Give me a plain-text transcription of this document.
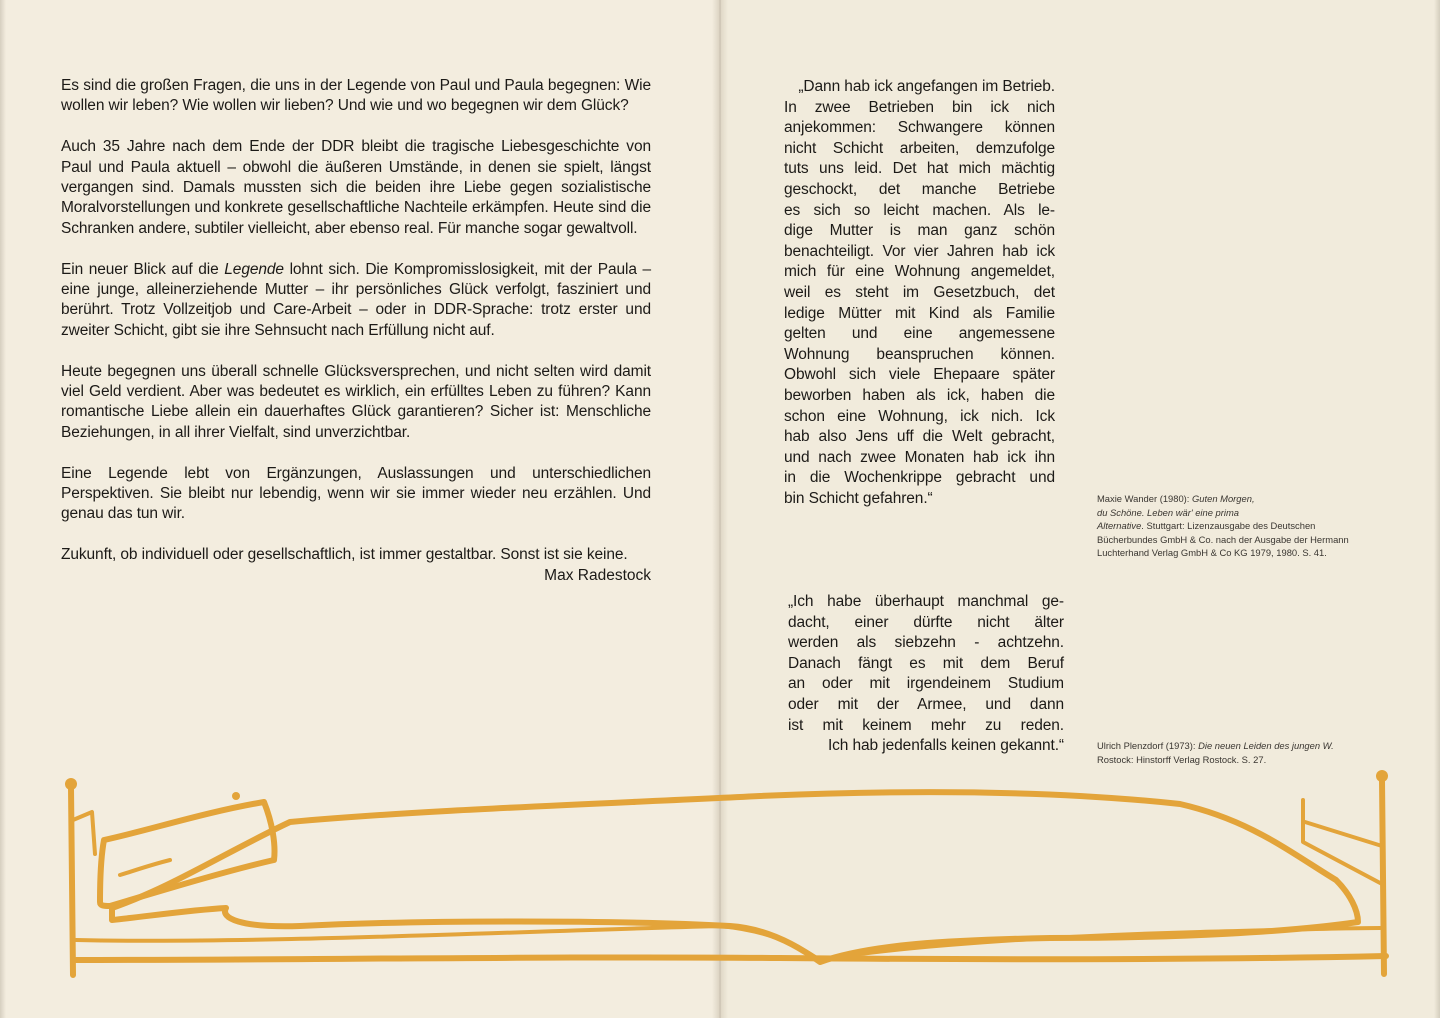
Es sind die großen Fragen, die uns in der Legende von Paul und Paula begegnen: Wie wollen wir leben? Wie wollen wir lieben? Und wie und wo begegnen wir dem Glück?

Auch 35 Jahre nach dem Ende der DDR bleibt die tragische Liebesgeschichte von Paul und Paula aktuell – obwohl die äußeren Umstände, in denen sie spielt, längst vergangen sind. Damals mussten sich die beiden ihre Liebe gegen sozialistische Moralvorstellungen und konkrete gesellschaftliche Nachteile erkämpfen. Heute sind die Schranken andere, subtiler vielleicht, aber ebenso real. Für manche sogar gewaltvoll.

Ein neuer Blick auf die Legende lohnt sich. Die Kompromisslosigkeit, mit der Paula – eine junge, alleinerziehende Mutter – ihr persönliches Glück verfolgt, fasziniert und berührt. Trotz Vollzeitjob und Care-Arbeit – oder in DDR-Sprache: trotz erster und zweiter Schicht, gibt sie ihre Sehnsucht nach Erfüllung nicht auf.

Heute begegnen uns überall schnelle Glücksversprechen, und nicht selten wird damit viel Geld verdient. Aber was bedeutet es wirklich, ein erfülltes Leben zu führen? Kann romantische Liebe allein ein dauerhaftes Glück garantieren? Sicher ist: Menschliche Beziehungen, in all ihrer Vielfalt, sind unverzichtbar.

Eine Legende lebt von Ergänzungen, Auslassungen und unterschiedlichen Perspektiven. Sie bleibt nur lebendig, wenn wir sie immer wieder neu erzählen. Und genau das tun wir.

Zukunft, ob individuell oder gesellschaftlich, ist immer gestaltbar. Sonst ist sie keine.

Max Radestock
„Dann hab ick angefangen im Betrieb.
In zwee Betrieben bin ick nich
anjekommen: Schwangere können
nicht Schicht arbeiten, demzufolge
tuts uns leid. Det hat mich mächtig
geschockt, det manche Betriebe
es sich so leicht machen. Als le-
dige Mutter is man ganz schön
benachteiligt. Vor vier Jahren hab ick
mich für eine Wohnung angemeldet,
weil es steht im Gesetzbuch, det
ledige Mütter mit Kind als Familie
gelten und eine angemessene
Wohnung beanspruchen können.
Obwohl sich viele Ehepaare später
beworben haben als ick, haben die
schon eine Wohnung, ick nich. Ick
hab also Jens uff die Welt gebracht,
und nach zwee Monaten hab ick ihn
in die Wochenkrippe gebracht und
bin Schicht gefahren.“	Maxie Wander (1980): Guten Morgen,
du Schöne. Leben wär' eine prima
Alternative. Stuttgart: Lizenzausgabe des Deutschen
Bücherbundes GmbH & Co. nach der Ausgabe der Hermann
Luchterhand Verlag GmbH & Co KG 1979, 1980. S. 41.
„Ich habe überhaupt manchmal ge-
dacht, einer dürfte nicht älter
werden als siebzehn - achtzehn.
Danach fängt es mit dem Beruf
an oder mit irgendeinem Studium
oder mit der Armee, und dann
ist mit keinem mehr zu reden.
Ich hab jedenfalls keinen gekannt.“	Ulrich Plenzdorf (1973): Die neuen Leiden des jungen W.
Rostock: Hinstorff Verlag Rostock. S. 27.
